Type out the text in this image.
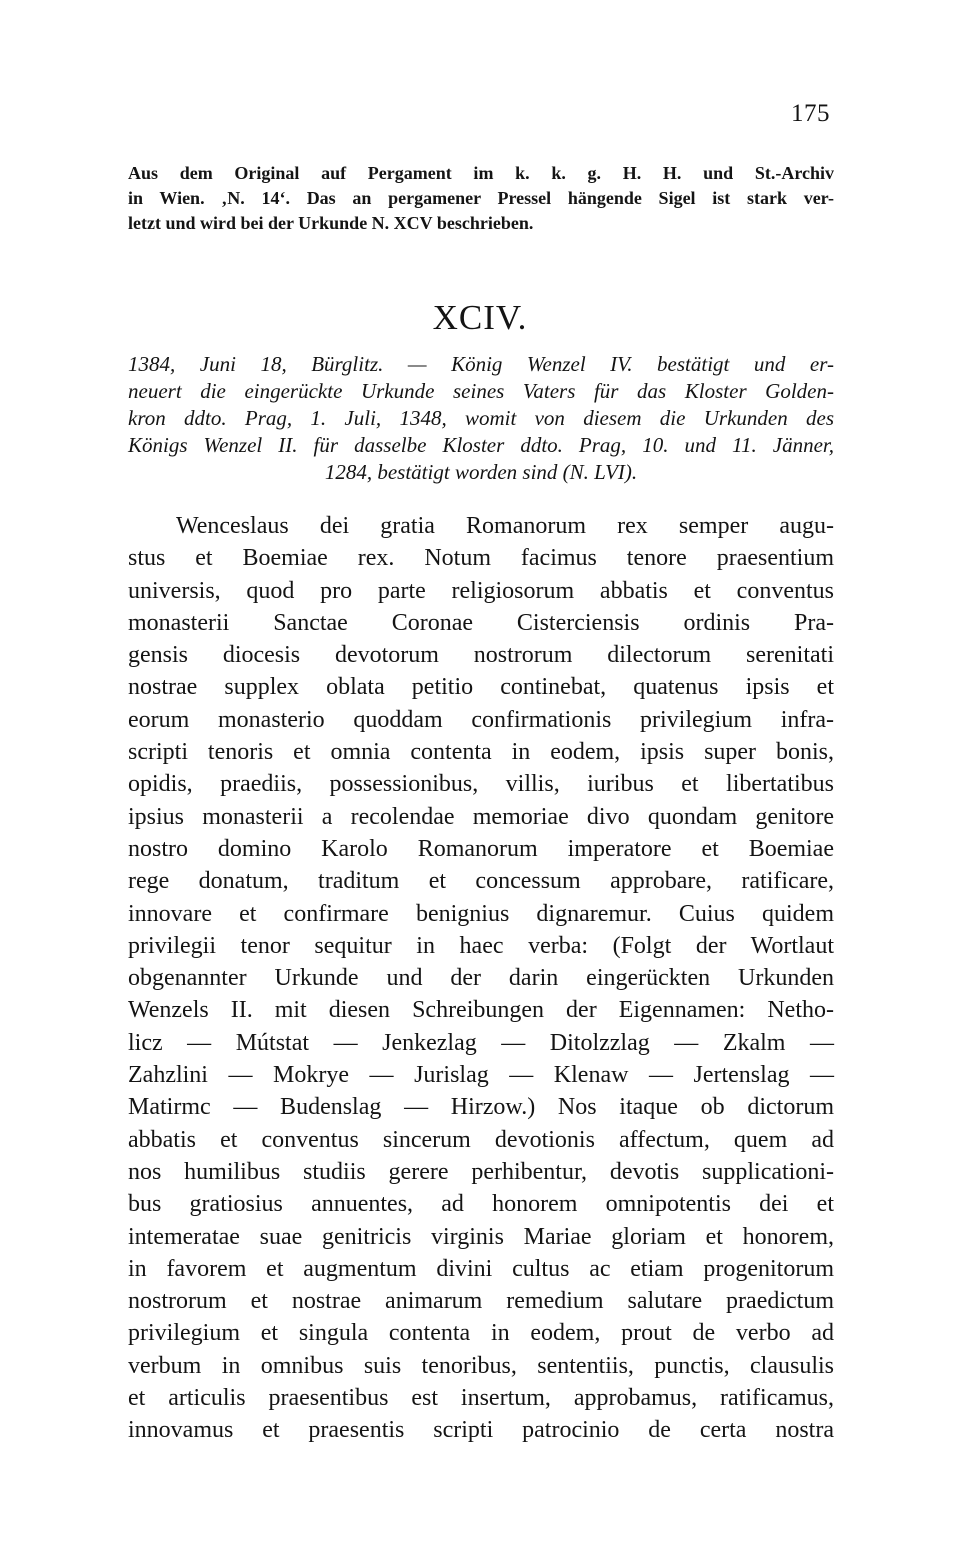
175
Aus dem Original auf Pergament im k. k. g. H. H. und St.-Archiv
in Wien. ‚N. 14‘. Das an pergamener Pressel hängende Sigel ist stark ver-
letzt und wird bei der Urkunde N. XCV beschrieben.
XCIV.
1384, Juni 18, Bürglitz. — König Wenzel IV. bestätigt und er-
neuert die eingerückte Urkunde seines Vaters für das Kloster Golden-
kron ddto. Prag, 1. Juli, 1348, womit von diesem die Urkunden des
Königs Wenzel II. für dasselbe Kloster ddto. Prag, 10. und 11. Jänner,
1284, bestätigt worden sind (N. LVI).
Wenceslaus dei gratia Romanorum rex semper augu-
stus et Boemiae rex. Notum facimus tenore praesentium
universis, quod pro parte religiosorum abbatis et conventus
monasterii Sanctae Coronae Cisterciensis ordinis Pra-
gensis diocesis devotorum nostrorum dilectorum serenitati
nostrae supplex oblata petitio continebat, quatenus ipsis et
eorum monasterio quoddam confirmationis privilegium infra-
scripti tenoris et omnia contenta in eodem, ipsis super bonis,
opidis, praediis, possessionibus, villis, iuribus et libertatibus
ipsius monasterii a recolendae memoriae divo quondam genitore
nostro domino Karolo Romanorum imperatore et Boemiae
rege donatum, traditum et concessum approbare, ratificare,
innovare et confirmare benignius dignaremur. Cuius quidem
privilegii tenor sequitur in haec verba: (Folgt der Wortlaut
obgenannter Urkunde und der darin eingerückten Urkunden
Wenzels II. mit diesen Schreibungen der Eigennamen: Netho-
licz — Mútstat — Jenkezlag — Ditolzzlag — Zkalm —
Zahzlini — Mokrye — Jurislag — Klenaw — Jertenslag —
Matirmc — Budenslag — Hirzow.) Nos itaque ob dictorum
abbatis et conventus sincerum devotionis affectum, quem ad
nos humilibus studiis gerere perhibentur, devotis supplicationi-
bus gratiosius annuentes, ad honorem omnipotentis dei et
intemeratae suae genitricis virginis Mariae gloriam et honorem,
in favorem et augmentum divini cultus ac etiam progenitorum
nostrorum et nostrae animarum remedium salutare praedictum
privilegium et singula contenta in eodem, prout de verbo ad
verbum in omnibus suis tenoribus, sententiis, punctis, clausulis
et articulis praesentibus est insertum, approbamus, ratificamus,
innovamus et praesentis scripti patrocinio de certa nostra
